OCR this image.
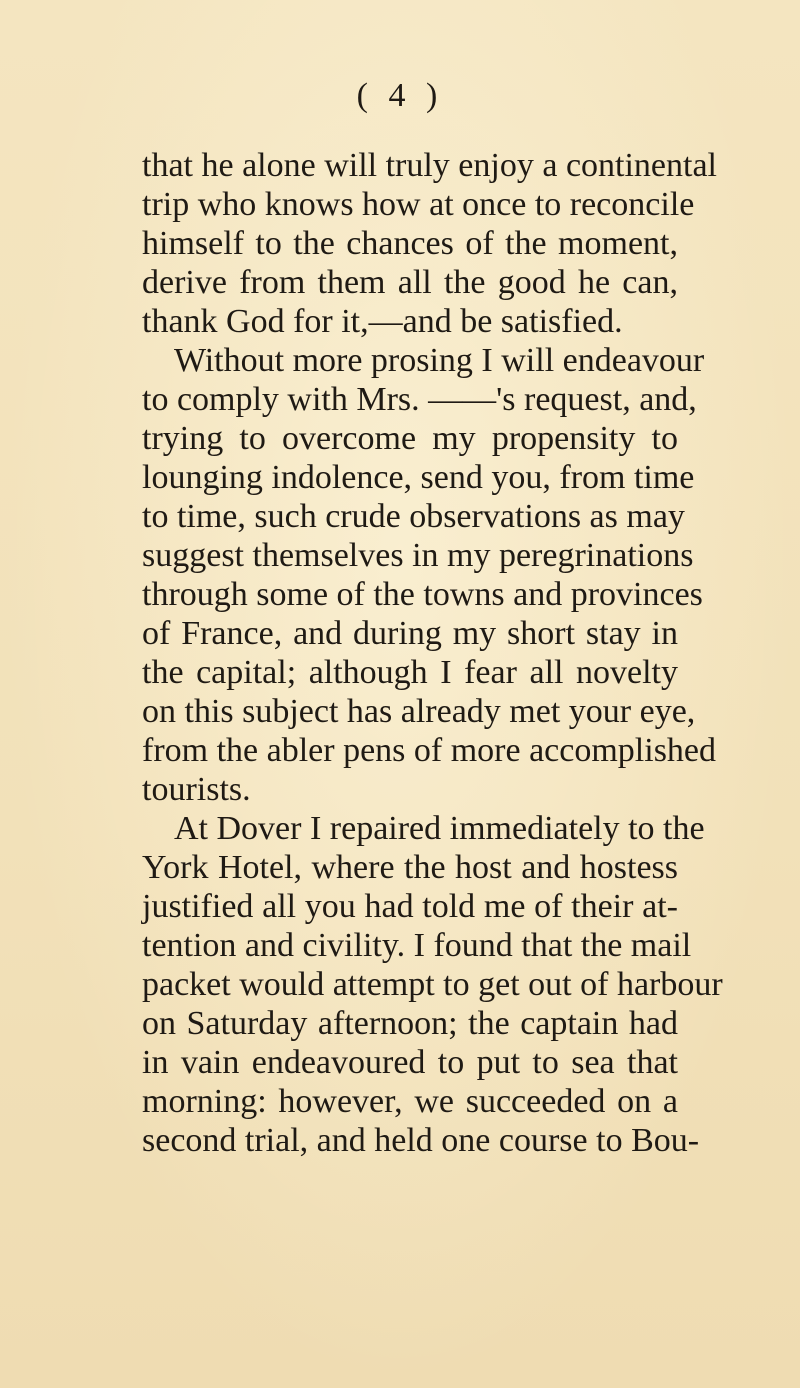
( 4 )
that he alone will truly enjoy a continental
trip who knows how at once to reconcile
himself to the chances of the moment,
derive from them all the good he can,
thank God for it,—and be satisfied.
Without more prosing I will endeavour
to comply with Mrs. ——'s request, and,
trying to overcome my propensity to
lounging indolence, send you, from time
to time, such crude observations as may
suggest themselves in my peregrinations
through some of the towns and provinces
of France, and during my short stay in
the capital; although I fear all novelty
on this subject has already met your eye,
from the abler pens of more accomplished
tourists.
At Dover I repaired immediately to the
York Hotel, where the host and hostess
justified all you had told me of their at-
tention and civility. I found that the mail
packet would attempt to get out of harbour
on Saturday afternoon; the captain had
in vain endeavoured to put to sea that
morning: however, we succeeded on a
second trial, and held one course to Bou-
